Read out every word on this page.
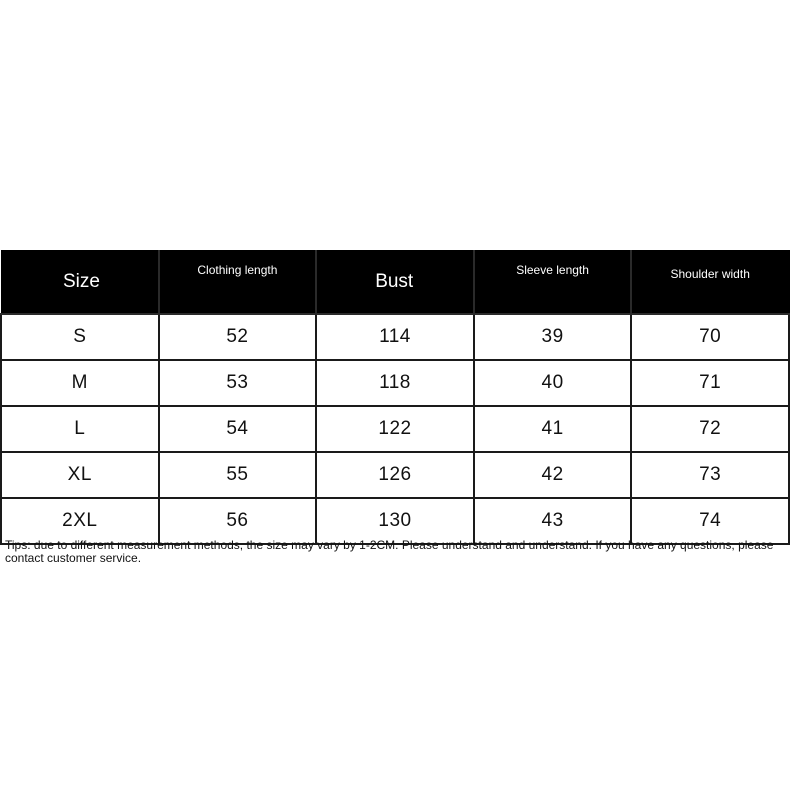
Size	Clothing length	Bust	Sleeve length	Shoulder width
S	52	114	39	70
M	53	118	40	71
L	54	122	41	72
XL	55	126	42	73
2XL	56	130	43	74

Tips: due to different measurement methods, the size may vary by 1-2CM. Please understand and understand. If you have any questions, please contact customer service.
